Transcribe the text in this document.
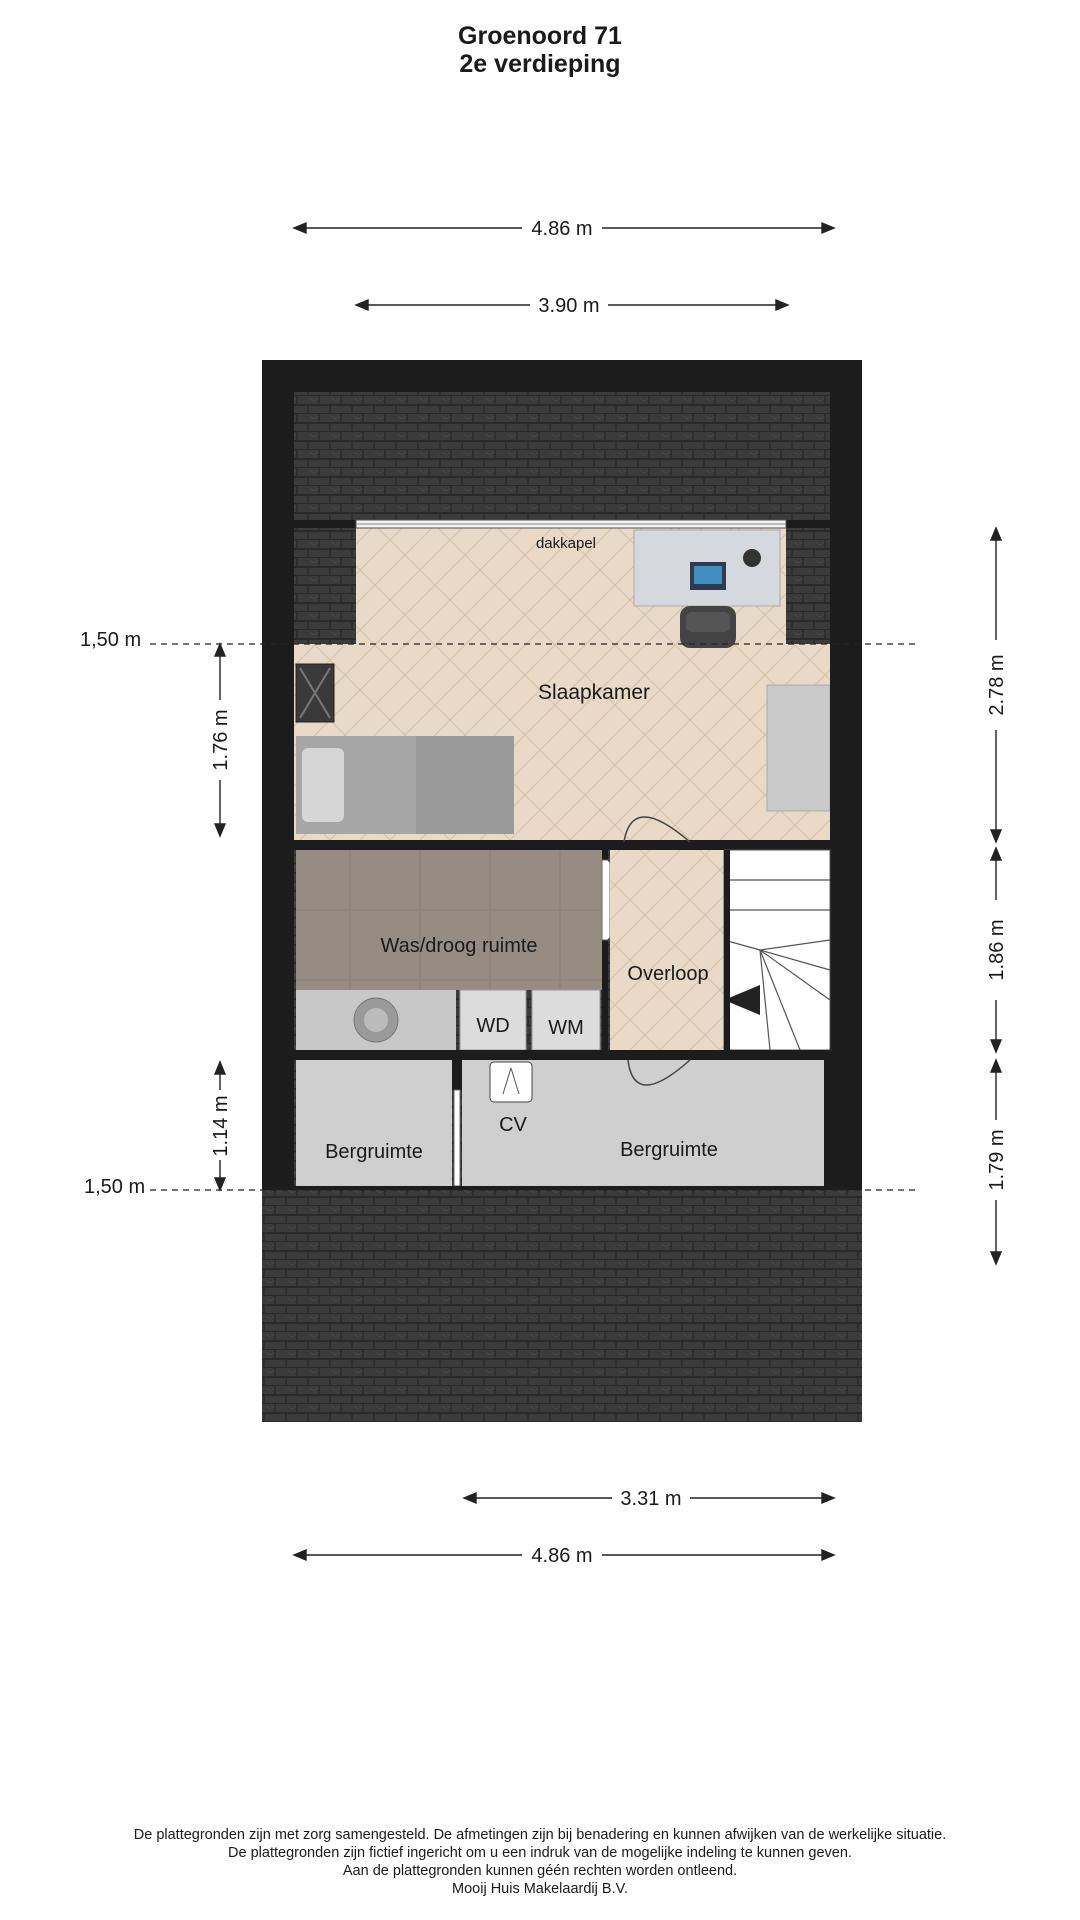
Groenoord 71
2e verdieping
4.86 m
3.90 m
3.31 m
4.86 m
1,50 m
1,50 m
2.78 m
1.86 m
1.79 m
1.76 m
1.14 m
Slaapkamer
dakkapel
Was/droog ruimte
Overloop
WD WM
CV
Bergruimte	Bergruimte
De plattegronden zijn met zorg samengesteld. De afmetingen zijn bij benadering en kunnen afwijken van de werkelijke situatie.
De plattegronden zijn fictief ingericht om u een indruk van de mogelijke indeling te kunnen geven.
Aan de plattegronden kunnen géén rechten worden ontleend.
Mooij Huis Makelaardij B.V.
